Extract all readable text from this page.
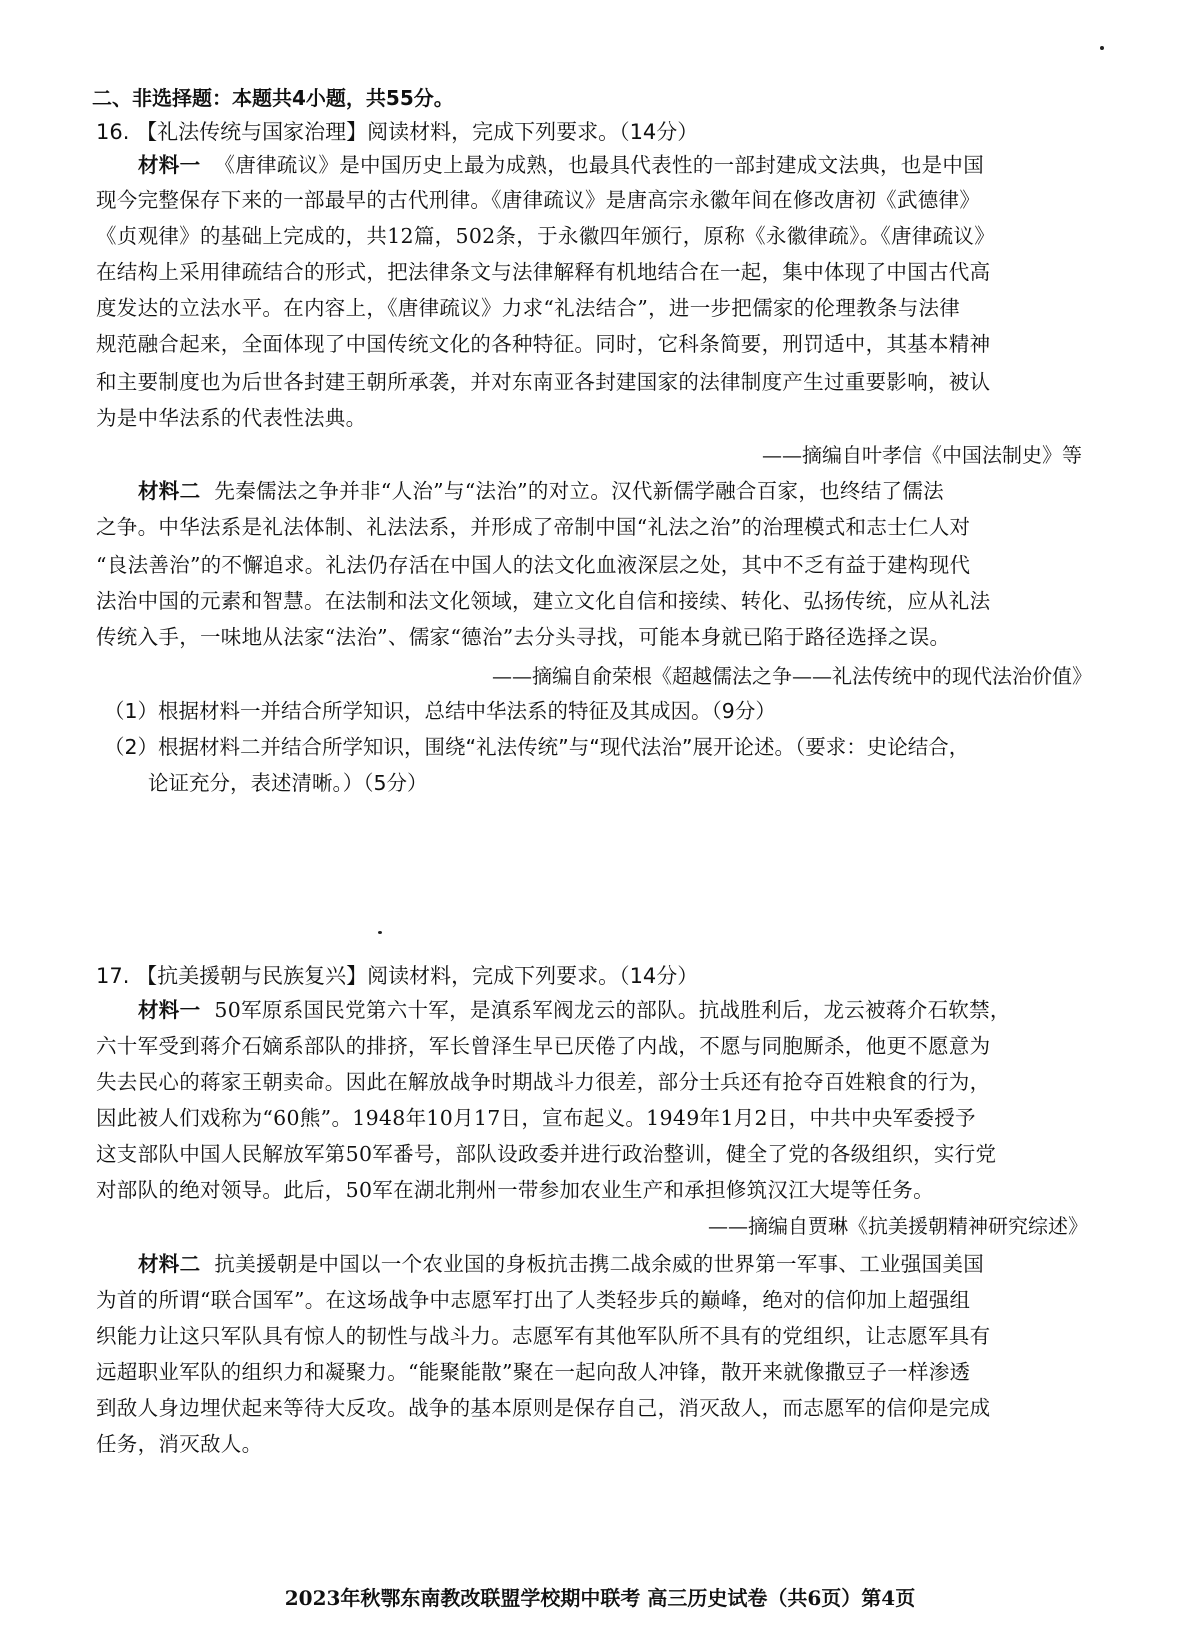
二、非选择题：本题共4小题，共55分。
16. 【礼法传统与国家治理】阅读材料，完成下列要求。（14分）
材料一 《唐律疏议》是中国历史上最为成熟，也最具代表性的一部封建成文法典，也是中国
现今完整保存下来的一部最早的古代刑律。《唐律疏议》是唐高宗永徽年间在修改唐初《武德律》
《贞观律》的基础上完成的，共12篇，502条，于永徽四年颁行，原称《永徽律疏》。《唐律疏议》
在结构上采用律疏结合的形式，把法律条文与法律解释有机地结合在一起，集中体现了中国古代高
度发达的立法水平。在内容上，《唐律疏议》力求“礼法结合”，进一步把儒家的伦理教条与法律
规范融合起来，全面体现了中国传统文化的各种特征。同时，它科条简要，刑罚适中，其基本精神
和主要制度也为后世各封建王朝所承袭，并对东南亚各封建国家的法律制度产生过重要影响，被认
为是中华法系的代表性法典。
——摘编自叶孝信《中国法制史》等
材料二 先秦儒法之争并非“人治”与“法治”的对立。汉代新儒学融合百家，也终结了儒法
之争。中华法系是礼法体制、礼法法系，并形成了帝制中国“礼法之治”的治理模式和志士仁人对
“良法善治”的不懈追求。礼法仍存活在中国人的法文化血液深层之处，其中不乏有益于建构现代
法治中国的元素和智慧。在法制和法文化领域，建立文化自信和接续、转化、弘扬传统，应从礼法
传统入手，一味地从法家“法治”、儒家“德治”去分头寻找，可能本身就已陷于路径选择之误。
——摘编自俞荣根《超越儒法之争——礼法传统中的现代法治价值》
（1）根据材料一并结合所学知识，总结中华法系的特征及其成因。（9分）
（2）根据材料二并结合所学知识，围绕“礼法传统”与“现代法治”展开论述。（要求：史论结合，
论证充分，表述清晰。）（5分）
17. 【抗美援朝与民族复兴】阅读材料，完成下列要求。（14分）
材料一 50军原系国民党第六十军，是滇系军阀龙云的部队。抗战胜利后，龙云被蒋介石软禁，
六十军受到蒋介石嫡系部队的排挤，军长曾泽生早已厌倦了内战，不愿与同胞厮杀，他更不愿意为
失去民心的蒋家王朝卖命。因此在解放战争时期战斗力很差，部分士兵还有抢夺百姓粮食的行为，
因此被人们戏称为“60熊”。1948年10月17日，宣布起义。1949年1月2日，中共中央军委授予
这支部队中国人民解放军第50军番号，部队设政委并进行政治整训，健全了党的各级组织，实行党
对部队的绝对领导。此后，50军在湖北荆州一带参加农业生产和承担修筑汉江大堤等任务。
——摘编自贾琳《抗美援朝精神研究综述》
材料二 抗美援朝是中国以一个农业国的身板抗击携二战余威的世界第一军事、工业强国美国
为首的所谓“联合国军”。在这场战争中志愿军打出了人类轻步兵的巅峰，绝对的信仰加上超强组
织能力让这只军队具有惊人的韧性与战斗力。志愿军有其他军队所不具有的党组织，让志愿军具有
远超职业军队的组织力和凝聚力。“能聚能散”聚在一起向敌人冲锋，散开来就像撒豆子一样渗透
到敌人身边埋伏起来等待大反攻。战争的基本原则是保存自己，消灭敌人，而志愿军的信仰是完成
任务，消灭敌人。
2023年秋鄂东南教改联盟学校期中联考 高三历史试卷（共6页）第4页
